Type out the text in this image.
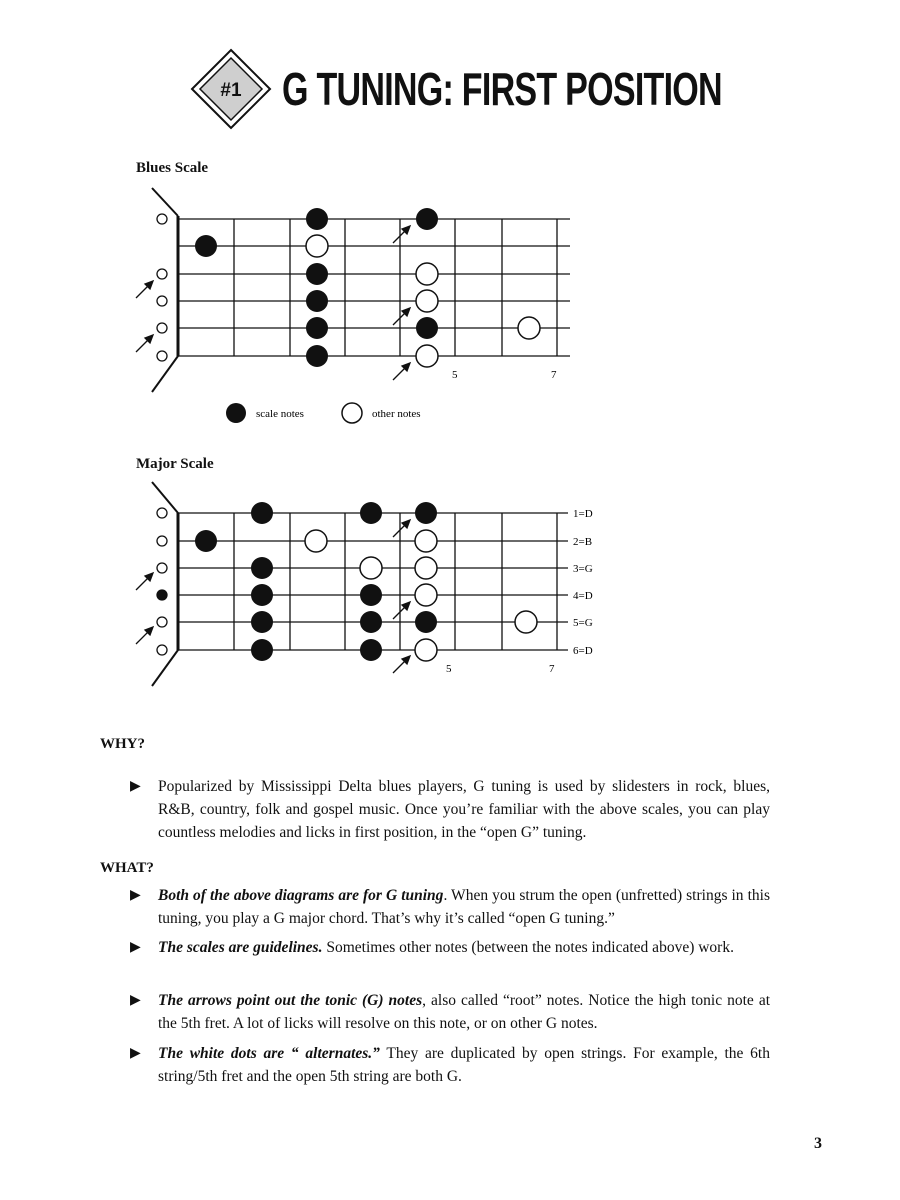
#1 G TUNING: FIRST POSITION
Blues Scale
5	7
scale notes	other notes
Major Scale
5	7
1=D
2=B
3=G
4=D
5=G
6=D
WHY?
▶ Popularized by Mississippi Delta blues players, G tuning is used by slidesters in rock, blues, R&B, country, folk and gospel music. Once you’re familiar with the above scales, you can play countless melodies and licks in first position, in the “open G” tuning.
WHAT?
▶ Both of the above diagrams are for G tuning. When you strum the open (unfretted) strings in this tuning, you play a G major chord. That’s why it’s called “open G tuning.”
▶ The scales are guidelines. Sometimes other notes (between the notes indicated above) work.
▶ The arrows point out the tonic (G) notes, also called “root” notes. Notice the high tonic note at the 5th fret. A lot of licks will resolve on this note, or on other G notes.
▶ The white dots are “ alternates.” They are duplicated by open strings. For example, the 6th string/5th fret and the open 5th string are both G.
3
